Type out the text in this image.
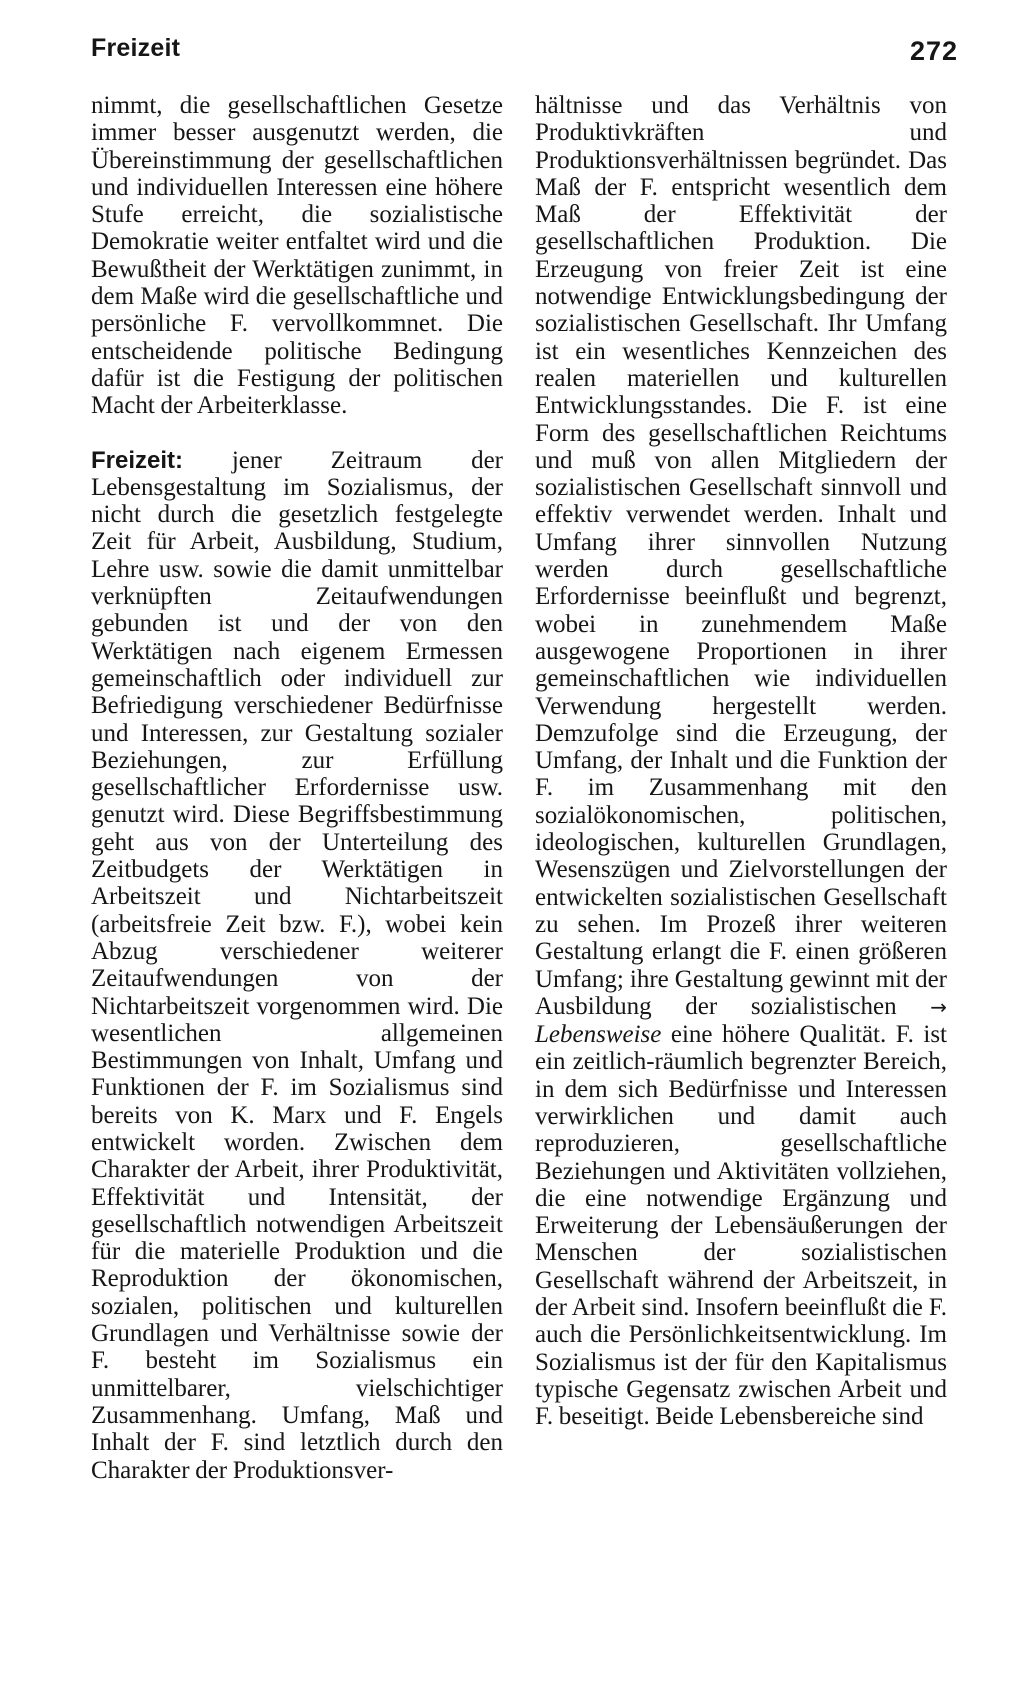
Freizeit	272

nimmt, die gesellschaftlichen Gesetze immer besser ausgenutzt werden, die Übereinstimmung der gesellschaftlichen und individuellen Interessen eine höhere Stufe erreicht, die sozialistische Demokratie weiter entfaltet wird und die Bewußtheit der Werktätigen zunimmt, in dem Maße wird die gesellschaftliche und persönliche F. vervollkommnet. Die entscheidende politische Bedingung dafür ist die Festigung der politischen Macht der Arbeiterklasse.

Freizeit: jener Zeitraum der Lebensgestaltung im Sozialismus, der nicht durch die gesetzlich festgelegte Zeit für Arbeit, Ausbildung, Studium, Lehre usw. sowie die damit unmittelbar verknüpften Zeitaufwendungen gebunden ist und der von den Werktätigen nach eigenem Ermessen gemeinschaftlich oder individuell zur Befriedigung verschiedener Bedürfnisse und Interessen, zur Gestaltung sozialer Beziehungen, zur Erfüllung gesellschaftlicher Erfordernisse usw. genutzt wird. Diese Begriffsbestimmung geht aus von der Unterteilung des Zeitbudgets der Werktätigen in Arbeitszeit und Nichtarbeitszeit (arbeitsfreie Zeit bzw. F.), wobei kein Abzug verschiedener weiterer Zeitaufwendungen von der Nichtarbeitszeit vorgenommen wird. Die wesentlichen allgemeinen Bestimmungen von Inhalt, Umfang und Funktionen der F. im Sozialismus sind bereits von K. Marx und F. Engels entwickelt worden. Zwischen dem Charakter der Arbeit, ihrer Produktivität, Effektivität und Intensität, der gesellschaftlich notwendigen Arbeitszeit für die materielle Produktion und die Reproduktion der ökonomischen, sozialen, politischen und kulturellen Grundlagen und Verhältnisse sowie der F. besteht im Sozialismus ein unmittelbarer, vielschichtiger Zusammenhang. Umfang, Maß und Inhalt der F. sind letztlich durch den Charakter der Produktionsver-

hältnisse und das Verhältnis von Produktivkräften und Produktionsverhältnissen begründet. Das Maß der F. entspricht wesentlich dem Maß der Effektivität der gesellschaftlichen Produktion. Die Erzeugung von freier Zeit ist eine notwendige Entwicklungsbedingung der sozialistischen Gesellschaft. Ihr Umfang ist ein wesentliches Kennzeichen des realen materiellen und kulturellen Entwicklungsstandes. Die F. ist eine Form des gesellschaftlichen Reichtums und muß von allen Mitgliedern der sozialistischen Gesellschaft sinnvoll und effektiv verwendet werden. Inhalt und Umfang ihrer sinnvollen Nutzung werden durch gesellschaftliche Erfordernisse beeinflußt und begrenzt, wobei in zunehmendem Maße ausgewogene Proportionen in ihrer gemeinschaftlichen wie individuellen Verwendung hergestellt werden. Demzufolge sind die Erzeugung, der Umfang, der Inhalt und die Funktion der F. im Zusammenhang mit den sozialökonomischen, politischen, ideologischen, kulturellen Grundlagen, Wesenszügen und Zielvorstellungen der entwickelten sozialistischen Gesellschaft zu sehen. Im Prozeß ihrer weiteren Gestaltung erlangt die F. einen größeren Umfang; ihre Gestaltung gewinnt mit der Ausbildung der sozialistischen → Lebensweise eine höhere Qualität. F. ist ein zeitlich-räumlich begrenzter Bereich, in dem sich Bedürfnisse und Interessen verwirklichen und damit auch reproduzieren, gesellschaftliche Beziehungen und Aktivitäten vollziehen, die eine notwendige Ergänzung und Erweiterung der Lebensäußerungen der Menschen der sozialistischen Gesellschaft während der Arbeitszeit, in der Arbeit sind. Insofern beeinflußt die F. auch die Persönlichkeitsentwicklung. Im Sozialismus ist der für den Kapitalismus typische Gegensatz zwischen Arbeit und F. beseitigt. Beide Lebensbereiche sind
